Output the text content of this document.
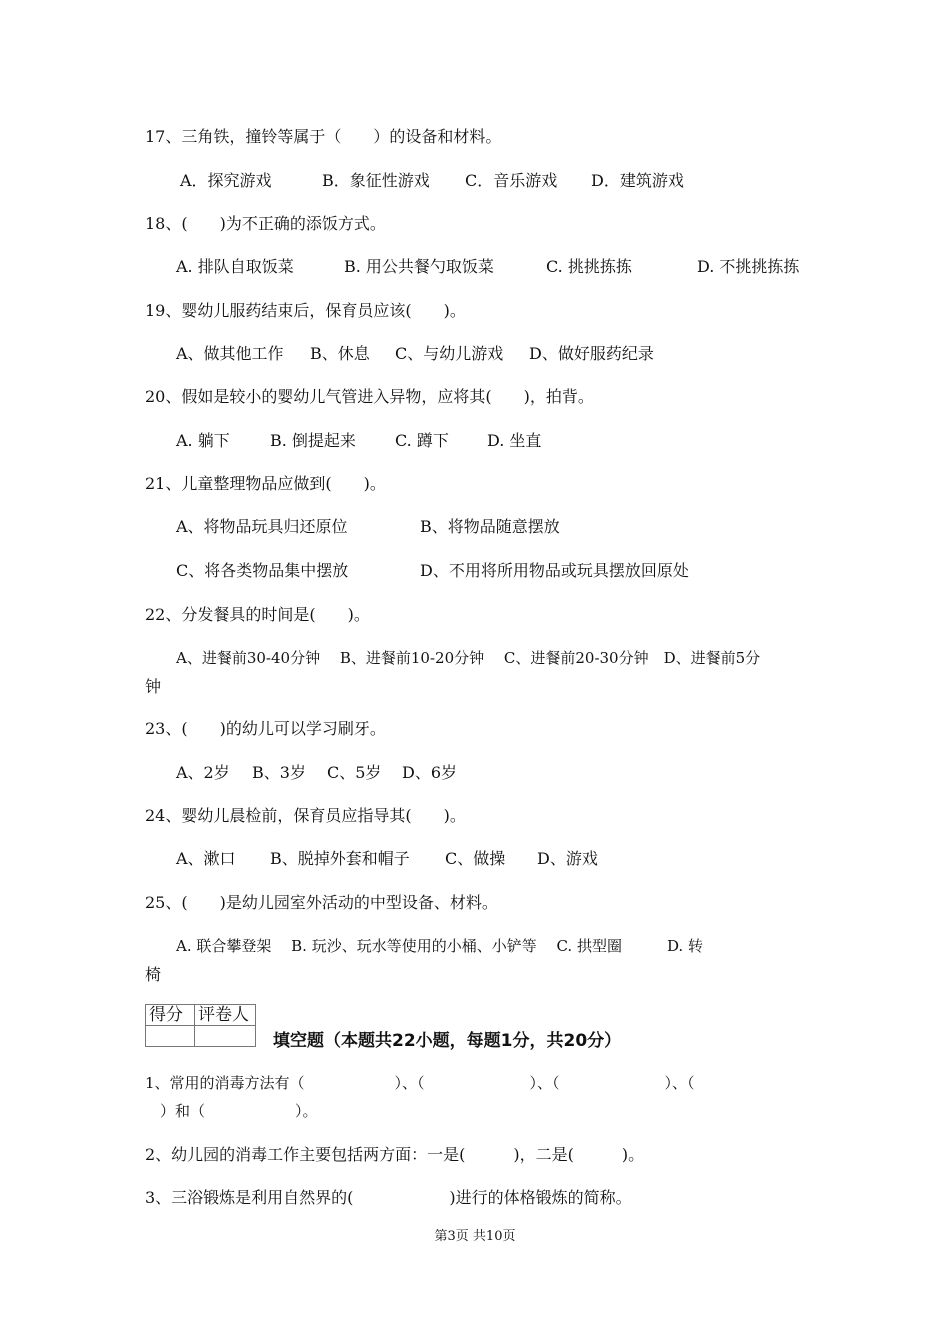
17、三角铁，撞铃等属于（　　）的设备和材料。
A．探究游戏	B．象征性游戏 C．音乐游戏 D．建筑游戏
18、(　　)为不正确的添饭方式。
A. 排队自取饭菜	B. 用公共餐勺取饭菜	C. 挑挑拣拣	D. 不挑挑拣拣
19、婴幼儿服药结束后，保育员应该(　　)。
A、做其他工作 B、休息 C、与幼儿游戏 D、做好服药纪录
20、假如是较小的婴幼儿气管进入异物，应将其(　　)，拍背。
A. 躺下	B. 倒提起来 C. 蹲下 D. 坐直
21、儿童整理物品应做到(　　)。
A、将物品玩具归还原位	B、将物品随意摆放
C、将各类物品集中摆放	D、不用将所用物品或玩具摆放回原处
22、分发餐具的时间是(　　)。
A、进餐前30-40分钟　 B、进餐前10-20分钟　 C、进餐前20-30分钟　D、进餐前5分
钟
23、(　　)的幼儿可以学习刷牙。
A、2岁 B、3岁 C、5岁 D、6岁
24、婴幼儿晨检前，保育员应指导其(　　)。
A、漱口 B、脱掉外套和帽子 C、做操 D、游戏
25、(　　)是幼儿园室外活动的中型设备、材料。
A. 联合攀登架　 B. 玩沙、玩水等使用的小桶、小铲等　 C. 拱型圈　　　D. 转
椅
得分	评卷人

填空题（本题共22小题，每题1分，共20分）
1、常用的消毒方法有（　　　　　　）、（　　　　　　　）、（　　　　　　　）、（
　）和（　　　　　　）。
2、幼儿园的消毒工作主要包括两方面：一是(　　　)，二是(　　　)。
3、三浴锻炼是利用自然界的(　　　　　　)进行的体格锻炼的简称。
第3页 共10页
